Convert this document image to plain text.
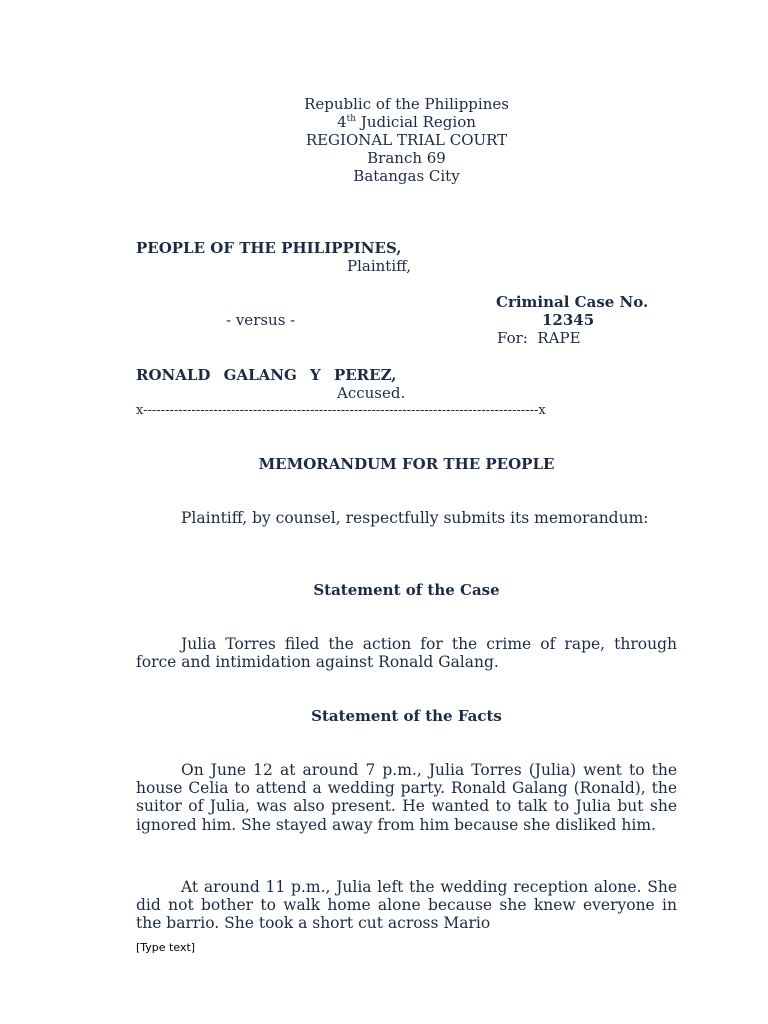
Republic of the Philippines
4th Judicial Region
REGIONAL TRIAL COURT
Branch 69
Batangas City
PEOPLE OF THE PHILIPPINES,
Plaintiff,
Criminal Case No.
- versus -	12345
For: RAPE
RONALD GALANG Y PEREZ,
Accused.
x------------------------------------------------------------------------------------------x
MEMORANDUM FOR THE PEOPLE
Plaintiff, by counsel, respectfully submits its memorandum:
Statement of the Case
Julia Torres filed the action for the crime of rape, through force and intimidation against Ronald Galang.
Statement of the Facts
On June 12 at around 7 p.m., Julia Torres (Julia) went to the house Celia to attend a wedding party. Ronald Galang (Ronald), the suitor of Julia, was also present. He wanted to talk to Julia but she ignored him. She stayed away from him because she disliked him.
At around 11 p.m., Julia left the wedding reception alone. She did not bother to walk home alone because she knew everyone in the barrio. She took a short cut across Mario
[Type text]
